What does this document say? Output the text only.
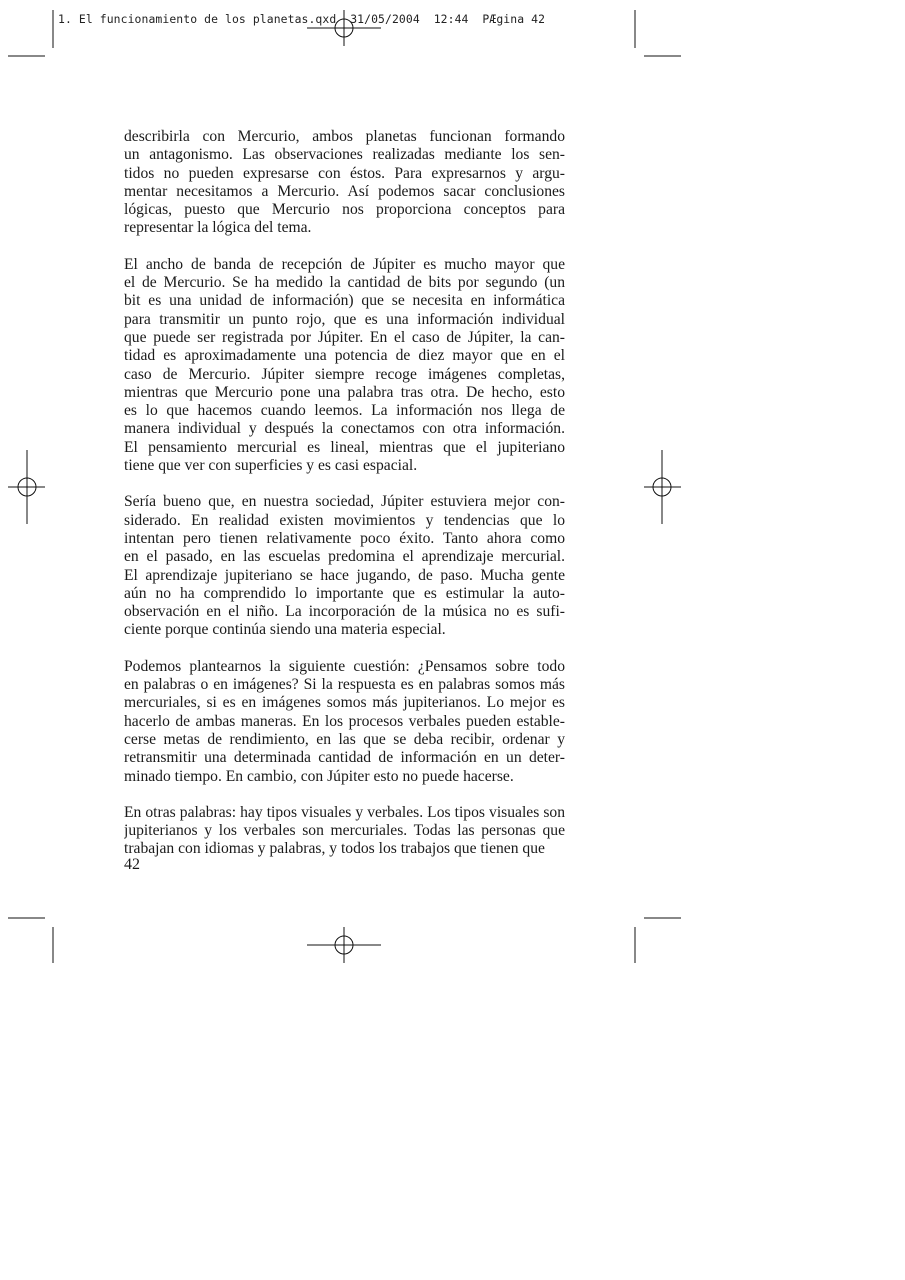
1. El funcionamiento de los planetas.qxd  31/05/2004  12:44  PÆgina 42

describirla con Mercurio, ambos planetas funcionan formando
un antagonismo. Las observaciones realizadas mediante los sen-
tidos no pueden expresarse con éstos. Para expresarnos y argu-
mentar necesitamos a Mercurio. Así podemos sacar conclusiones
lógicas, puesto que Mercurio nos proporciona conceptos para
representar la lógica del tema.

El ancho de banda de recepción de Júpiter es mucho mayor que
el de Mercurio. Se ha medido la cantidad de bits por segundo (un
bit es una unidad de información) que se necesita en informática
para transmitir un punto rojo, que es una información individual
que puede ser registrada por Júpiter. En el caso de Júpiter, la can-
tidad es aproximadamente una potencia de diez mayor que en el
caso de Mercurio. Júpiter siempre recoge imágenes completas,
mientras que Mercurio pone una palabra tras otra. De hecho, esto
es lo que hacemos cuando leemos. La información nos llega de
manera individual y después la conectamos con otra información.
El pensamiento mercurial es lineal, mientras que el jupiteriano
tiene que ver con superficies y es casi espacial.

Sería bueno que, en nuestra sociedad, Júpiter estuviera mejor con-
siderado. En realidad existen movimientos y tendencias que lo
intentan pero tienen relativamente poco éxito. Tanto ahora como
en el pasado, en las escuelas predomina el aprendizaje mercurial.
El aprendizaje jupiteriano se hace jugando, de paso. Mucha gente
aún no ha comprendido lo importante que es estimular la auto-
observación en el niño. La incorporación de la música no es sufi-
ciente porque continúa siendo una materia especial.

Podemos plantearnos la siguiente cuestión: ¿Pensamos sobre todo
en palabras o en imágenes? Si la respuesta es en palabras somos más
mercuriales, si es en imágenes somos más jupiterianos. Lo mejor es
hacerlo de ambas maneras. En los procesos verbales pueden estable-
cerse metas de rendimiento, en las que se deba recibir, ordenar y
retransmitir una determinada cantidad de información en un deter-
minado tiempo. En cambio, con Júpiter esto no puede hacerse.

En otras palabras: hay tipos visuales y verbales. Los tipos visuales son
jupiterianos y los verbales son mercuriales. Todas las personas que
trabajan con idiomas y palabras, y todos los trabajos que tienen que

42
